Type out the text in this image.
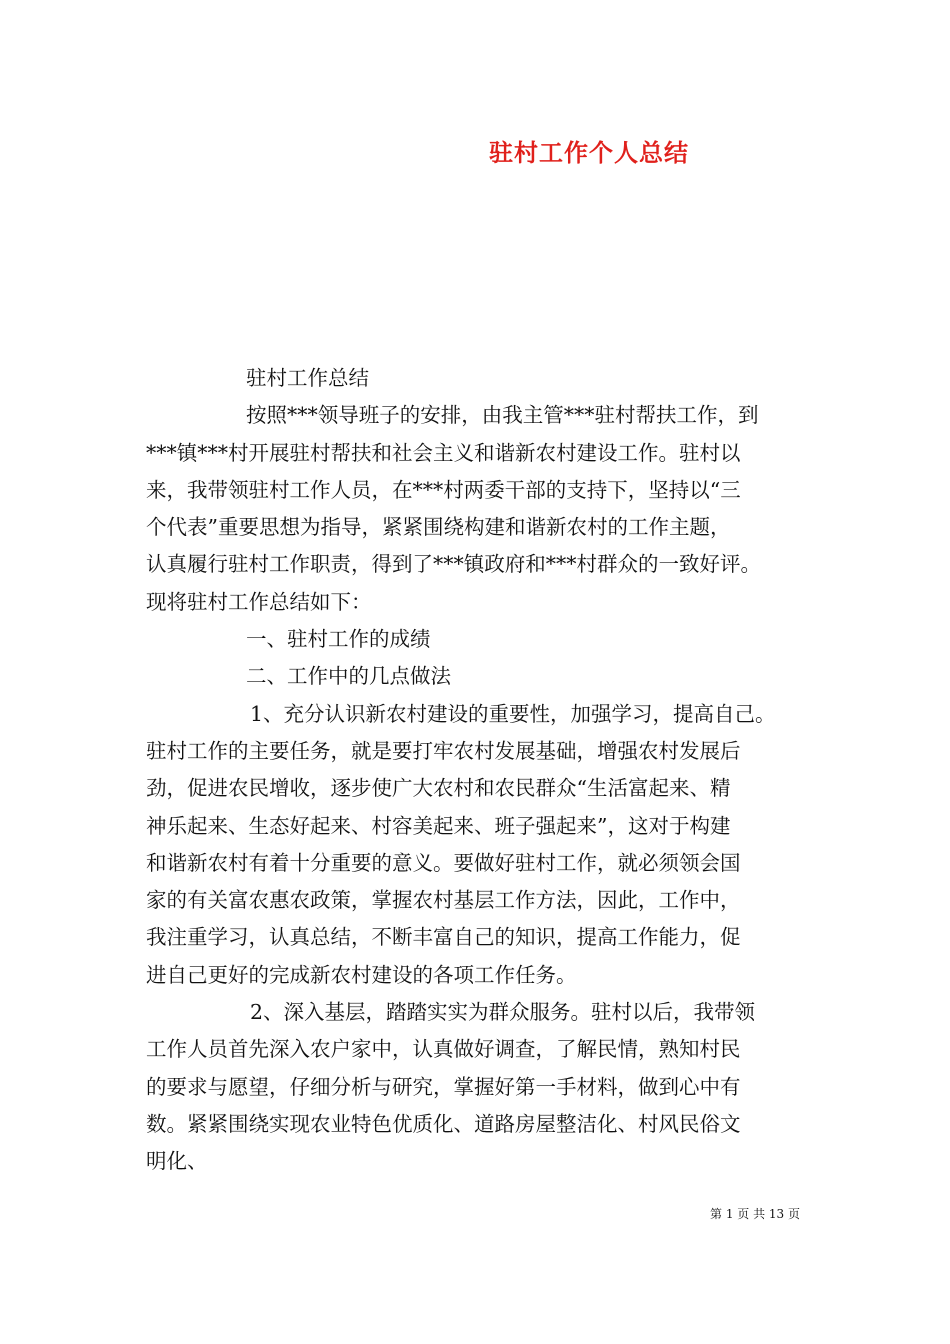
驻村工作个人总结
驻村工作总结
按照***领导班子的安排，由我主管***驻村帮扶工作，到
***镇***村开展驻村帮扶和社会主义和谐新农村建设工作。驻村以
来，我带领驻村工作人员，在***村两委干部的支持下，坚持以“三
个代表”重要思想为指导，紧紧围绕构建和谐新农村的工作主题，
认真履行驻村工作职责，得到了***镇政府和***村群众的一致好评。
现将驻村工作总结如下：
一、驻村工作的成绩
二、工作中的几点做法
1、充分认识新农村建设的重要性，加强学习，提高自己。
驻村工作的主要任务，就是要打牢农村发展基础，增强农村发展后
劲，促进农民增收，逐步使广大农村和农民群众“生活富起来、精
神乐起来、生态好起来、村容美起来、班子强起来”，这对于构建
和谐新农村有着十分重要的意义。要做好驻村工作，就必须领会国
家的有关富农惠农政策，掌握农村基层工作方法，因此，工作中，
我注重学习，认真总结，不断丰富自己的知识，提高工作能力，促
进自己更好的完成新农村建设的各项工作任务。
2、深入基层，踏踏实实为群众服务。驻村以后，我带领
工作人员首先深入农户家中，认真做好调查，了解民情，熟知村民
的要求与愿望，仔细分析与研究，掌握好第一手材料，做到心中有
数。紧紧围绕实现农业特色优质化、道路房屋整洁化、村风民俗文
明化、
第 1 页 共 13 页
